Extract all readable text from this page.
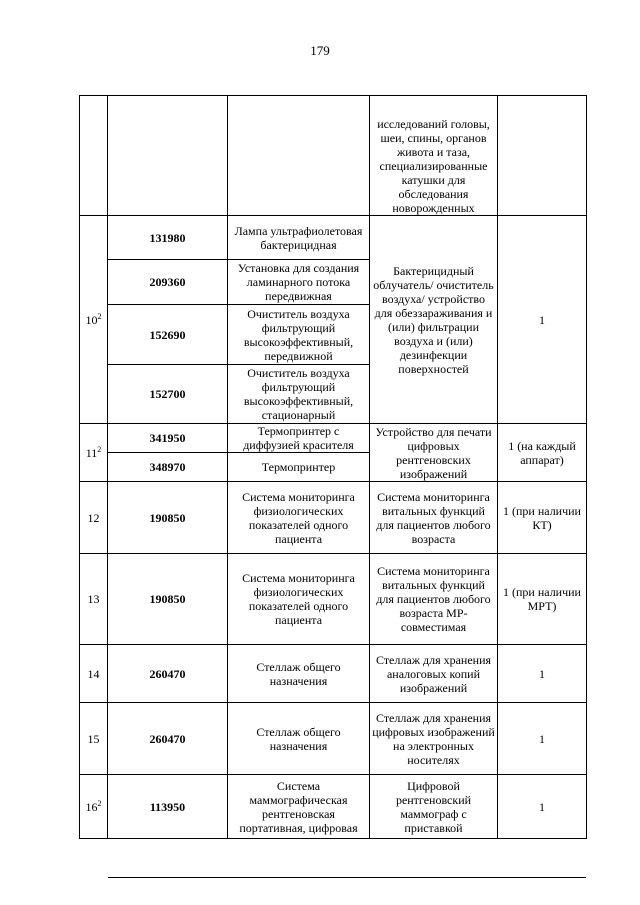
179
			исследований головы, шеи, спины, органов живота и таза, специализированные катушки для обследования новорожденных	
$10^2$	131980	Лампа ультрафиолетовая бактерицидная	Бактерицидный облучатель/ очиститель воздуха/ устройство для обеззараживания и (или) фильтрации воздуха и (или) дезинфекции поверхностей	1
	209360	Установка для создания ламинарного потока передвижная		
	152690	Очиститель воздуха фильтрующий высокоэффективный, передвижной		
	152700	Очиститель воздуха фильтрующий высокоэффективный, стационарный		
$11^2$	341950	Термопринтер с диффузией красителя	Устройство для печати цифровых рентгеновских изображений	1 (на каждый аппарат)
	348970	Термопринтер		
12	190850	Система мониторинга физиологических показателей одного пациента	Система мониторинга витальных функций для пациентов любого возраста	1 (при наличии КТ)
13	190850	Система мониторинга физиологических показателей одного пациента	Система мониторинга витальных функций для пациентов любого возраста МР-совместимая	1 (при наличии МРТ)
14	260470	Стеллаж общего назначения	Стеллаж для хранения аналоговых копий изображений	1
15	260470	Стеллаж общего назначения	Стеллаж для хранения цифровых изображений на электронных носителях	1
$16^2$	113950	Система маммографическая рентгеновская портативная, цифровая	Цифровой рентгеновский маммограф с приставкой	1
